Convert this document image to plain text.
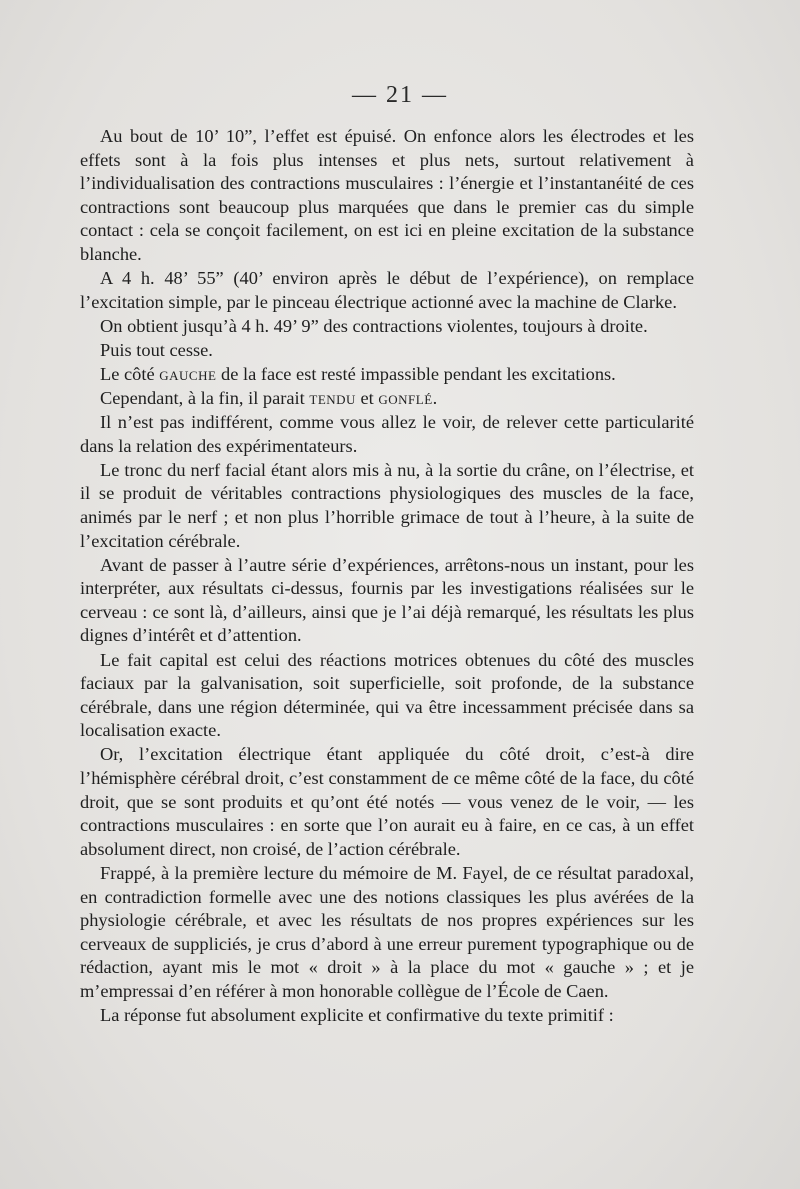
— 21 —

Au bout de 10’ 10”, l’effet est épuisé. On enfonce alors les électrodes et les effets sont à la fois plus intenses et plus nets, surtout relativement à l’individualisation des contractions musculaires : l’énergie et l’instantanéité de ces contractions sont beaucoup plus marquées que dans le premier cas du simple contact : cela se conçoit facilement, on est ici en pleine excitation de la substance blanche.

A 4 h. 48’ 55” (40’ environ après le début de l’expérience), on remplace l’excitation simple, par le pinceau électrique actionné avec la machine de Clarke.

On obtient jusqu’à 4 h. 49’ 9” des contractions violentes, toujours à droite.

Puis tout cesse.

Le côté gauche de la face est resté impassible pendant les excitations.

Cependant, à la fin, il parait tendu et gonflé.

Il n’est pas indifférent, comme vous allez le voir, de relever cette particularité dans la relation des expérimentateurs.

Le tronc du nerf facial étant alors mis à nu, à la sortie du crâne, on l’électrise, et il se produit de véritables contractions physiologiques des muscles de la face, animés par le nerf ; et non plus l’horrible grimace de tout à l’heure, à la suite de l’excitation cérébrale.

Avant de passer à l’autre série d’expériences, arrêtons-nous un instant, pour les interpréter, aux résultats ci-dessus, fournis par les investigations réalisées sur le cerveau : ce sont là, d’ailleurs, ainsi que je l’ai déjà remarqué, les résultats les plus dignes d’intérêt et d’attention.

Le fait capital est celui des réactions motrices obtenues du côté des muscles faciaux par la galvanisation, soit superficielle, soit profonde, de la substance cérébrale, dans une région déterminée, qui va être incessamment précisée dans sa localisation exacte.

Or, l’excitation électrique étant appliquée du côté droit, c’est-à dire l’hémisphère cérébral droit, c’est constamment de ce même côté de la face, du côté droit, que se sont produits et qu’ont été notés — vous venez de le voir, — les contractions musculaires : en sorte que l’on aurait eu à faire, en ce cas, à un effet absolument direct, non croisé, de l’action cérébrale.

Frappé, à la première lecture du mémoire de M. Fayel, de ce résultat paradoxal, en contradiction formelle avec une des notions classiques les plus avérées de la physiologie cérébrale, et avec les résultats de nos propres expériences sur les cerveaux de suppliciés, je crus d’abord à une erreur purement typographique ou de rédaction, ayant mis le mot « droit » à la place du mot « gauche » ; et je m’empressai d’en référer à mon honorable collègue de l’École de Caen.

La réponse fut absolument explicite et confirmative du texte primitif :
